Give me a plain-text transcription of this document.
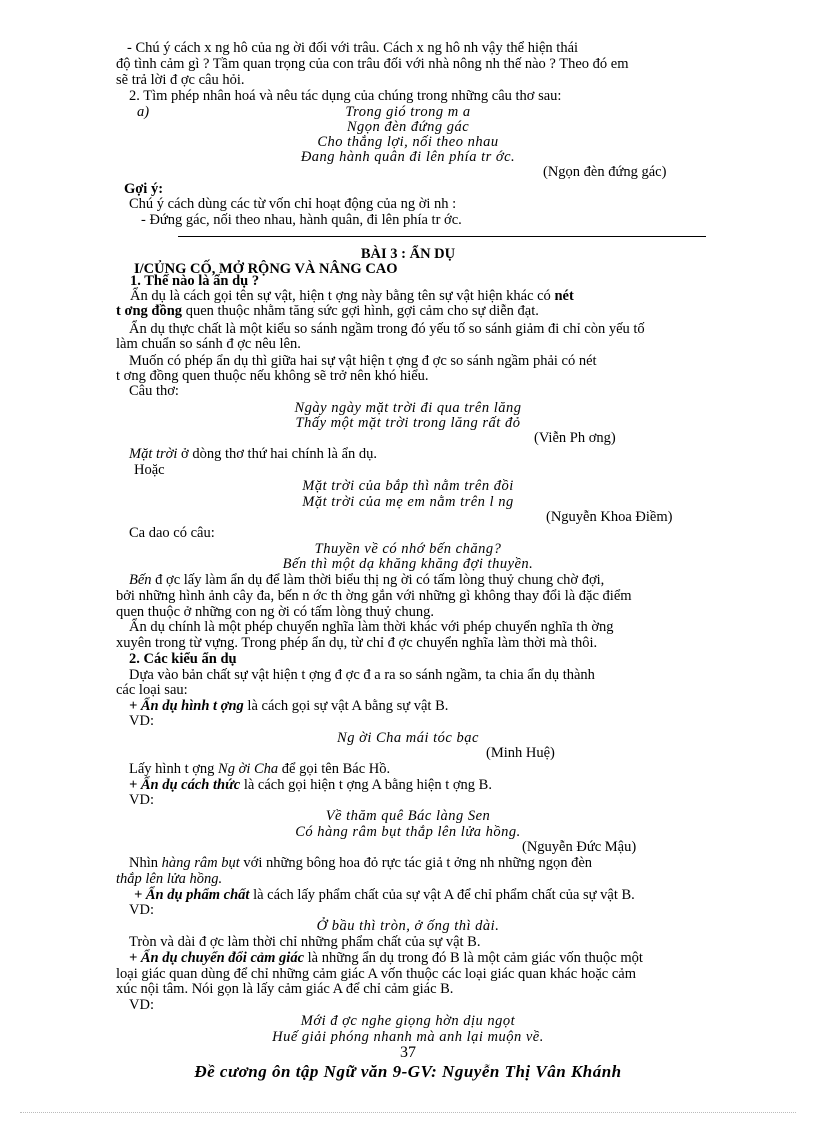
- Chú ý cách x ng hô của ng ời đối với trâu. Cách x ng hô nh vậy thể hiện thái
độ tình cảm gì ? Tầm quan trọng của con trâu đối với nhà nông nh thế nào ? Theo đó em
sẽ trả lời đ ợc câu hỏi.
2. Tìm phép nhân hoá và nêu tác dụng của chúng trong những câu thơ sau:
a)	Trong gió trong m a
Ngọn đèn đứng gác
Cho thắng lợi, nối theo nhau
Đang hành quân đi lên phía tr ớc.
(Ngọn đèn đứng gác)
Gợi ý:
Chú ý cách dùng các từ vốn chỉ hoạt động của ng ời nh :
- Đứng gác, nối theo nhau, hành quân, đi lên phía tr ớc.
BÀI 3 : ẨN DỤ
I/CỦNG CỐ, MỞ RỘNG VÀ NÂNG CAO
1. Thế nào là ẩn dụ ?
Ẩn dụ là cách gọi tên sự vật, hiện t ợng này bằng tên sự vật hiện khác có nét
t ơng đồng quen thuộc nhằm tăng sức gợi hình, gợi cảm cho sự diễn đạt.
Ẩn dụ thực chất là một kiểu so sánh ngầm trong đó yếu tố so sánh giảm đi chỉ còn yếu tố
làm chuẩn so sánh đ ợc nêu lên.
Muốn có phép ẩn dụ thì giữa hai sự vật hiện t ợng đ ợc so sánh ngầm phải có nét
t ơng đồng quen thuộc nếu không sẽ trở nên khó hiểu.
Câu thơ:
Ngày ngày mặt trời đi qua trên lăng
Thấy một mặt trời trong lăng rất đỏ
(Viễn Ph ơng)
Mặt trời ở dòng thơ thứ hai chính là ẩn dụ.
Hoặc
Mặt trời của bắp thì nằm trên đồi
Mặt trời của mẹ em nằm trên l ng
(Nguyễn Khoa Điềm)
Ca dao có câu:
Thuyền về có nhớ bến chăng?
Bến thì một dạ khăng khăng đợi thuyền.
Bến đ ợc lấy làm ẩn dụ để làm thời biểu thị ng ời có tấm lòng thuỷ chung chờ đợi,
bởi những hình ảnh cây đa, bến n ớc th ờng gắn với những gì không thay đổi là đặc điểm
quen thuộc ở những con ng ời có tấm lòng thuỷ chung.
Ẩn dụ chính là một phép chuyển nghĩa làm thời khác với phép chuyển nghĩa th ờng
xuyên trong từ vựng. Trong phép ẩn dụ, từ chỉ đ ợc chuyển nghĩa làm thời mà thôi.
2. Các kiểu ẩn dụ
Dựa vào bản chất sự vật hiện t ợng đ ợc đ a ra so sánh ngầm, ta chia ẩn dụ thành
các loại sau:
+ Ẩn dụ hình t ợng là cách gọi sự vật A bằng sự vật B.
VD:
Ng ời Cha mái tóc bạc
(Minh Huệ)
Lấy hình t ợng Ng ời Cha để gọi tên Bác Hồ.
+ Ẩn dụ cách thức là cách gọi hiện t ợng A bằng hiện t ợng B.
VD:
Về thăm quê Bác làng Sen
Có hàng râm bụt thắp lên lửa hồng.
(Nguyễn Đức Mậu)
Nhìn hàng râm bụt với những bông hoa đỏ rực tác giả t ởng nh những ngọn đèn
thắp lên lửa hồng.
+ Ẩn dụ phẩm chất là cách lấy phẩm chất của sự vật A để chỉ phẩm chất của sự vật B.
VD:
Ở bầu thì tròn, ở ống thì dài.
Tròn và dài đ ợc làm thời chỉ những phẩm chất của sự vật B.
+ Ẩn dụ chuyển đổi cảm giác là những ẩn dụ trong đó B là một cảm giác vốn thuộc một
loại giác quan dùng để chỉ những cảm giác A vốn thuộc các loại giác quan khác hoặc cảm
xúc nội tâm. Nói gọn là lấy cảm giác A để chỉ cảm giác B.
VD:
Mới đ ợc nghe giọng hờn dịu ngọt
Huế giải phóng nhanh mà anh lại muộn về.
37
Đề cương ôn tập Ngữ văn 9-GV: Nguyễn Thị Vân Khánh
